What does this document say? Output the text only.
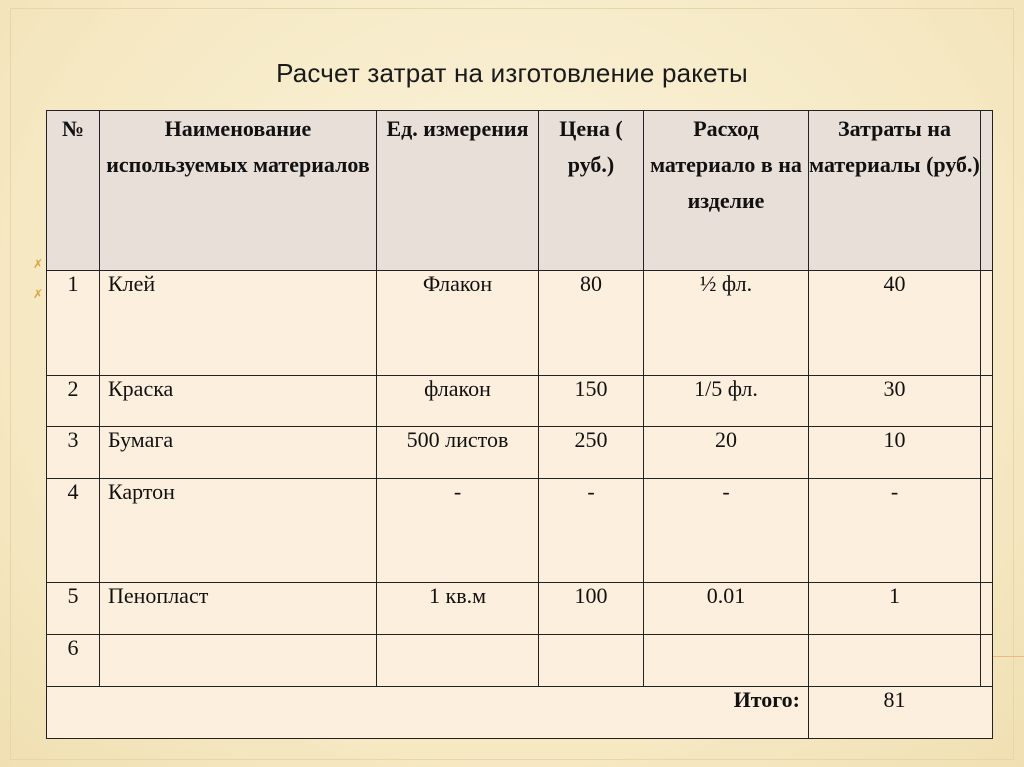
Расчет затрат на изготовление ракеты
✗
✗
№	Наименование используемых материалов	Ед. измерения	Цена ( руб.)	Расход материало в на изделие	Затраты на материалы (руб.)	
1	Клей	Флакон	80	½ фл.	40	
2	Краска	флакон	150	1/5 фл.	30	
3	Бумага	500 листов	250	20	10	
4	Картон	-	-	-	-	
5	Пенопласт	1 кв.м	100	0.01	1	
6						
Итого:					81	
